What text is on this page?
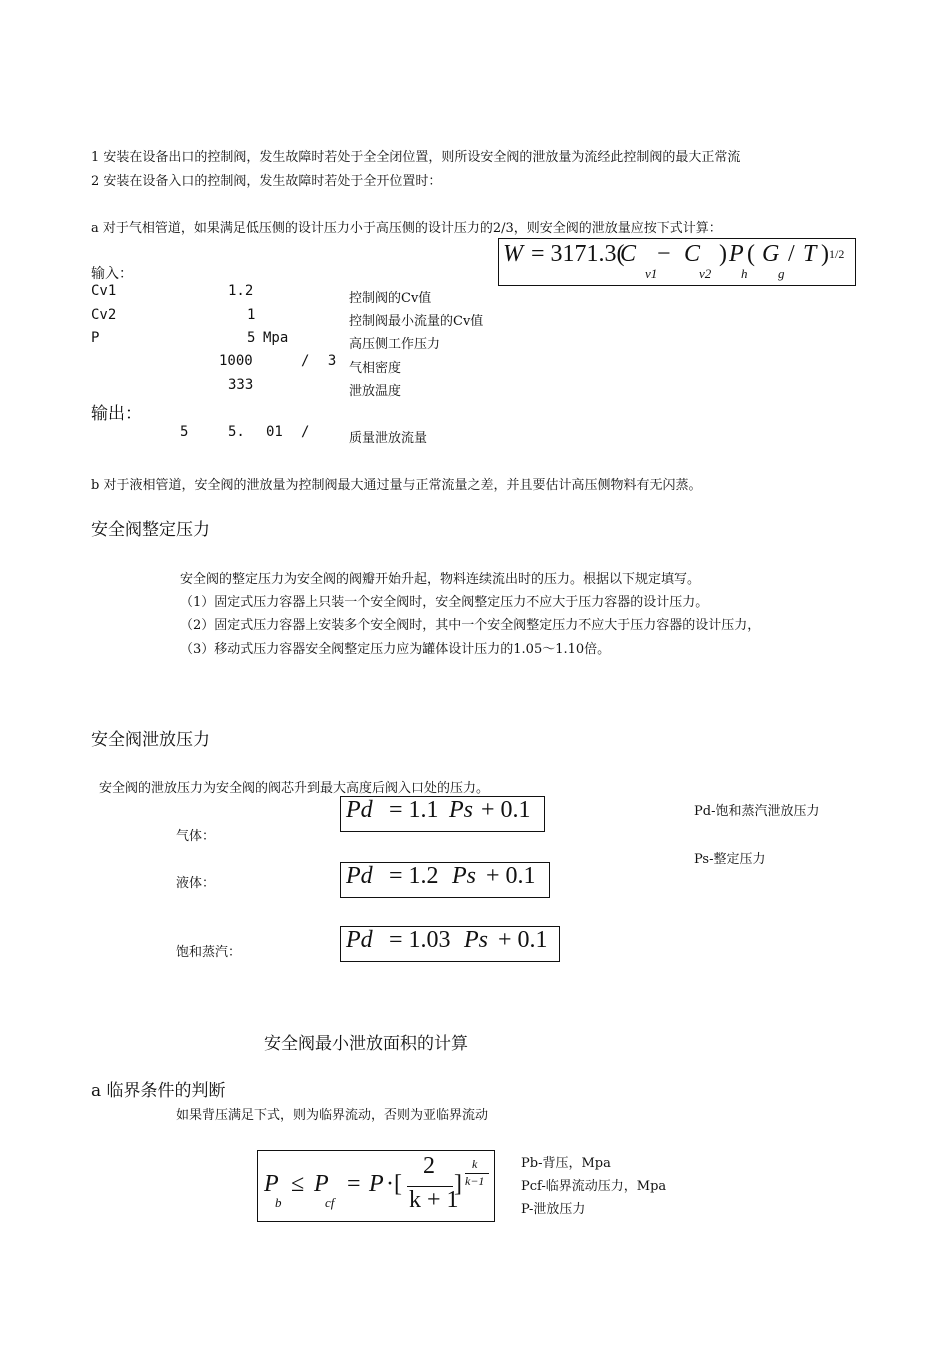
1 安装在设备出口的控制阀，发生故障时若处于全全闭位置，则所设安全阀的泄放量为流经此控制阀的最大正常流
2 安装在设备入口的控制阀，发生故障时若处于全开位置时：
a 对于气相管道，如果满足低压侧的设计压力小于高压侧的设计压力的2/3，则安全阀的泄放量应按下式计算：
W = 3171.3(
C − C ) P ( G / T ) 1/2
v1	v2 h g
输入：
Cv1	1.2	控制阀的Cv值
Cv2	1	控制阀最小流量的Cv值
P	5 Mpa	高压侧工作压力
1000	/ 3 气相密度
333	泄放温度
输出：
5	5. 01 /	质量泄放流量
b 对于液相管道，安全阀的泄放量为控制阀最大通过量与正常流量之差，并且要估计高压侧物料有无闪蒸。
安全阀整定压力
安全阀的整定压力为安全阀的阀瓣开始升起，物料连续流出时的压力。根据以下规定填写。
（1）固定式压力容器上只装一个安全阀时，安全阀整定压力不应大于压力容器的设计压力。
（2）固定式压力容器上安装多个安全阀时，其中一个安全阀整定压力不应大于压力容器的设计压力，
（3）移动式压力容器安全阀整定压力应为罐体设计压力的1.05～1.10倍。
安全阀泄放压力
安全阀的泄放压力为安全阀的阀芯升到最大高度后阀入口处的压力。
气体：
Pd = 1.1 Ps + 0.1
液体：	Pd = 1.2 Ps + 0.1
饱和蒸汽：	Pd = 1.03 Ps + 0.1
Pd-饱和蒸汽泄放压力
Ps-整定压力
安全阀最小泄放面积的计算
a 临界条件的判断
如果背压满足下式，则为临界流动，否则为亚临界流动
P
b
≤ P
cf
= P ·[
2
k + 1
]
k
k−1
Pb-背压，Mpa
Pcf-临界流动压力，Mpa
P-泄放压力
